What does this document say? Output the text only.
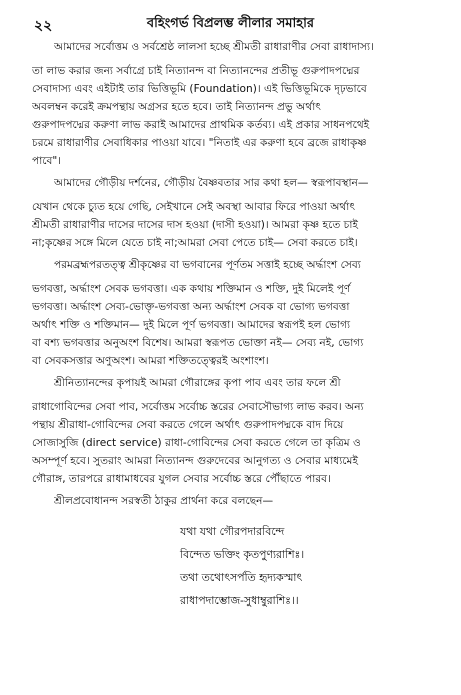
২২	বহিংগর্ভ বিপ্রলম্ভ লীলার সমাহার
আমাদের সর্বোত্তম ও সর্বশ্রেষ্ঠ লালসা হচ্ছে শ্রীমতী রাধারাণীর সেবা রাধাদাস্য।
তা লাভ করার জন্য সর্বাগ্রে চাই নিত্যানন্দ বা নিত্যানন্দের প্রতীভূ গুরুপাদপদ্মের
সেবাদাস্য এবং এইটাই তার ভিত্তিভূমি (Foundation)। এই ভিত্তিভূমিকে দৃঢ়ভাবে
অবলম্বন করেই ক্রমপন্থায় অগ্রসর হতে হবে। তাই নিত্যানন্দ প্রভু অর্থাৎ
গুরুপাদপদ্মের করুণা লাভ করাই আমাদের প্রাথমিক কর্তব্য। এই প্রকার সাধনপথেই
চরমে রাধারাণীর সেবাধিকার পাওয়া যাবে। "নিতাই এর করুণা হবে ব্রজে রাধাকৃষ্ণ
পাবে"।
আমাদের গৌড়ীয় দর্শনের, গৌড়ীয় বৈষ্ণবতার সার কথা হল— স্বরূপাবস্থান—
যেখান থেকে চ্যুত হয়ে গেছি, সেইখানে সেই অবস্থা আবার ফিরে পাওয়া অর্থাৎ
শ্রীমতী রাধারাণীর দাসের দাসের দাস হওয়া (দাসী হওয়া)। আমরা কৃষ্ণ হতে চাই
না;কৃষ্ণের সঙ্গে মিলে যেতে চাই না;আমরা সেবা পেতে চাই— সেবা করতে চাই।
পরমব্রহ্মপরতত্ত্ব শ্রীকৃষ্ণের বা ভগবানের পূর্ণতম সত্তাই হচ্ছে অর্দ্ধাংশ সেব্য
ভগবত্তা, অর্দ্ধাংশ সেবক ভগবত্তা। এক কথায় শক্তিমান ও শক্তি, দুই মিলেই পূর্ণ
ভগবত্তা। অর্দ্ধাংশ সেব্য-ভোক্তৃ-ভগবত্তা অন্য অর্দ্ধাংশ সেবক বা ভোগ্য ভগবত্তা
অর্থাৎ শক্তি ও শক্তিমান— দুই মিলে পূর্ণ ভগবত্তা। আমাদের স্বরূপই হল ভোগ্য
বা বশ্য ভগবত্তার অনুঅংশ বিশেষ। আমরা স্বরূপত ভোক্তা নই— সেব্য নই, ভোগ্য
বা সেবকসত্তার অণুঅংশ। আমরা শক্তিতত্ত্বেরই অংশাংশ।
শ্রীনিত্যানন্দের কৃপায়ই আমরা গৌরাঙ্গের কৃপা পাব এবং তার ফলে শ্রী
রাধাগোবিন্দের সেবা পাব, সর্বোত্তম সর্বোচ্চ স্তরের সেবাসৌভাগ্য লাভ করব। অন্য
পন্থায় শ্রীরাধা-গোবিন্দের সেবা করতে গেলে অর্থাৎ গুরুপাদপদ্মকে বাদ দিয়ে
সোজাসুজি (direct service) রাধা-গোবিন্দের সেবা করতে গেলে তা কৃত্রিম ও
অসম্পূর্ণ হবে। সুতরাং আমরা নিত্যানন্দ গুরুদেবের আনুগত্য ও সেবার মাধ্যমেই
গৌরাঙ্গ, তারপরে রাধামাধবের যুগল সেবার সর্বোচ্চ স্তরে পৌঁছাতে পারব।
শ্রীলপ্রবোধানন্দ সরস্বতী ঠাকুর প্রার্থনা করে বলছেন—
যথা যথা গৌরপদারবিন্দে
বিন্দেত ভক্তিং কৃতপুণ্যরাশিঃ।
তথা তথোৎসর্পতি হৃদ্যকস্মাৎ
রাধাপদাম্ভোজ-সুধাম্বুরাশিঃ।।
